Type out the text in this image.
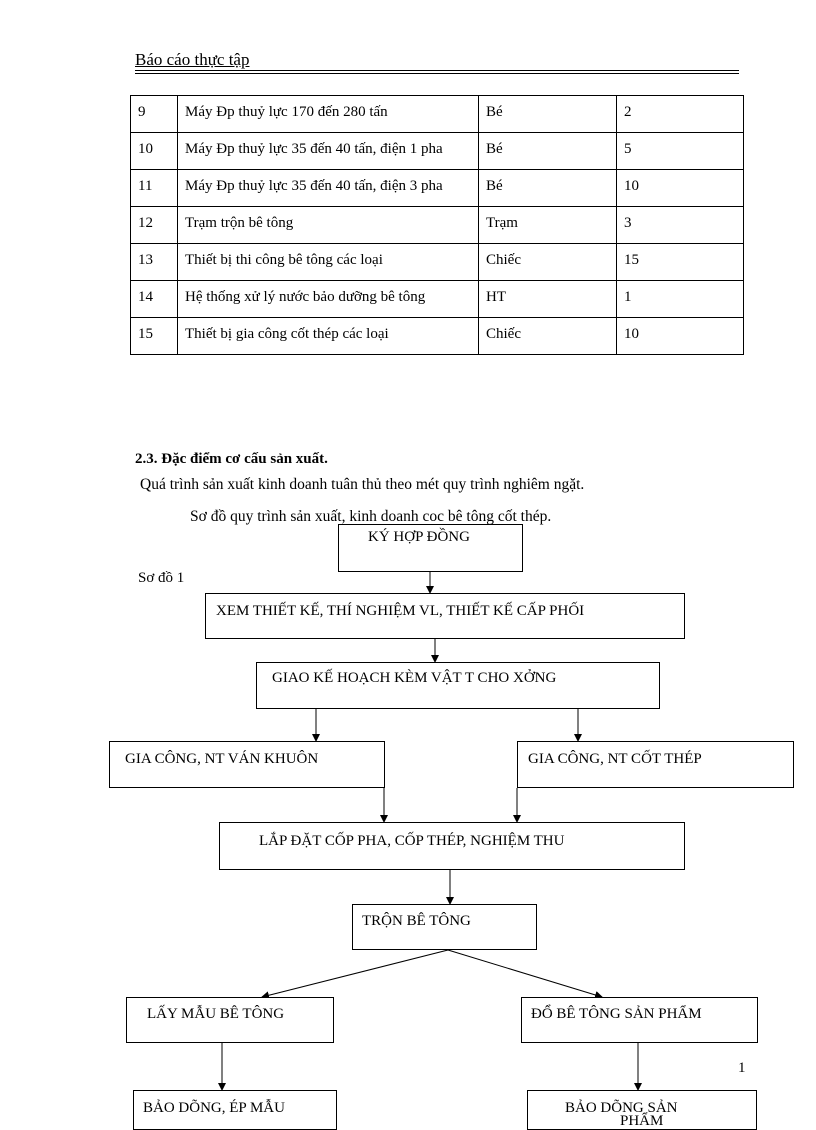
Báo cáo thực tập
9	Máy Đp thuỷ lực 170 đến 280 tấn	Bé	2
10	Máy Đp thuỷ lực 35 đến 40 tấn, điện 1 pha	Bé	5
11	Máy Đp thuỷ lực 35 đến 40 tấn, điện 3 pha	Bé	10
12	Trạm trộn bê tông	Trạm	3
13	Thiết bị thi công bê tông các loại	Chiếc	15
14	Hệ thống xử lý nước bảo dưỡng bê tông	HT	1
15	Thiết bị gia công cốt thép các loại	Chiếc	10
2.3. Đặc điểm cơ cấu sản xuất.
Quá trình sản xuất kinh doanh tuân thủ theo mét quy trình nghiêm ngặt.
KÝ HỢP ĐỒNG
Sơ đồ quy trình sản xuất, kinh doanh coc bê tông cốt thép.
Sơ đồ 1
XEM THIẾT KẾ, THÍ NGHIỆM VL, THIẾT KẾ CẤP PHỐI
GIAO KẾ HOẠCH KÈM VẬT T CHO XỞNG
GIA CÔNG, NT VÁN KHUÔN	GIA CÔNG, NT CỐT THÉP
LẮP ĐẶT CỐP PHA, CỐP THÉP, NGHIỆM THU
TRỘN BÊ TÔNG
LẤY MẪU BÊ TÔNG	ĐỔ BÊ TÔNG SẢN PHẨM
BẢO DÕNG, ÉP MẪU	BẢO DÕNG SẢN
PHẨM
1
